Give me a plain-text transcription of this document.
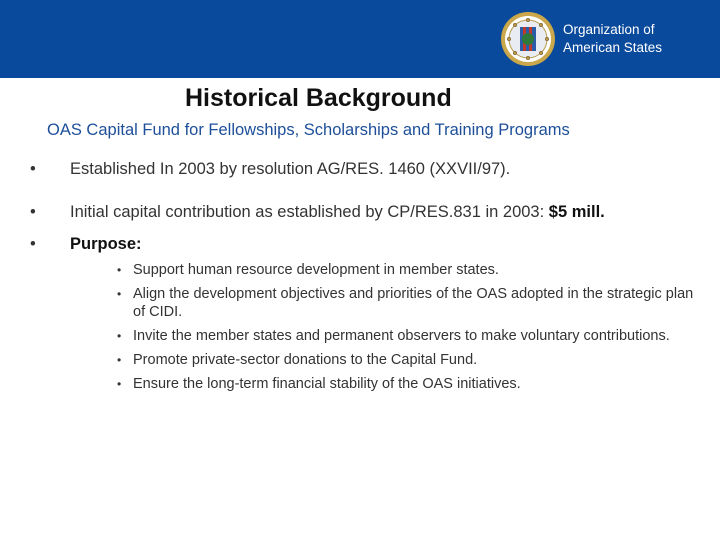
Organization of
American States
Historical Background
OAS Capital Fund for Fellowships, Scholarships and Training Programs
• Established In 2003 by resolution AG/RES. 1460 (XXVII/97).
• Initial capital contribution as established by CP/RES.831 in 2003: $5 mill.
• Purpose:
• Support human resource development in member states.
• Align the development objectives and priorities of the OAS adopted in the strategic plan of CIDI.
• Invite the member states and permanent observers to make voluntary contributions.
• Promote private-sector donations to the Capital Fund.
• Ensure the long-term financial stability of the OAS initiatives.
